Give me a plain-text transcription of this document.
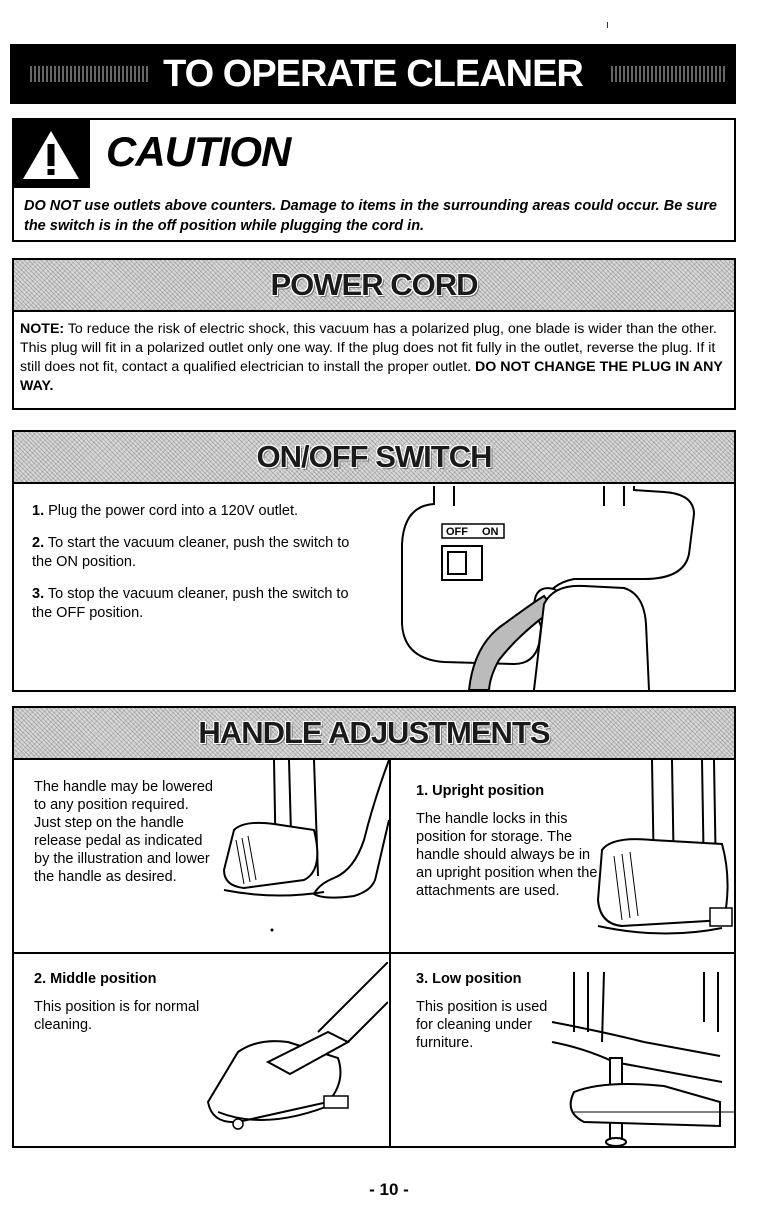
TO OPERATE CLEANER
CAUTION
DO NOT use outlets above counters. Damage to items in the surrounding areas could occur. Be sure the switch is in the off position while plugging the cord in.
POWER CORD
NOTE: To reduce the risk of electric shock, this vacuum has a polarized plug, one blade is wider than the other. This plug will fit in a polarized outlet only one way. If the plug does not fit fully in the outlet, reverse the plug. If it still does not fit, contact a qualified electrician to install the proper outlet. DO NOT CHANGE THE PLUG IN ANY WAY.
ON/OFF SWITCH

1. Plug the power cord into a 120V outlet.

2. To start the vacuum cleaner, push the switch to the ON position.

3. To stop the vacuum cleaner, push the switch to the OFF position.

OFF ON
HANDLE ADJUSTMENTS

The handle may be lowered to any position required. Just step on the handle release pedal as indicated by the illustration and lower the handle as desired.

1. Upright position

The handle locks in this position for storage. The handle should always be in an upright position when the attachments are used.

2. Middle position

This position is for normal cleaning.

3. Low position

This position is used for cleaning under furniture.

- 10 -
